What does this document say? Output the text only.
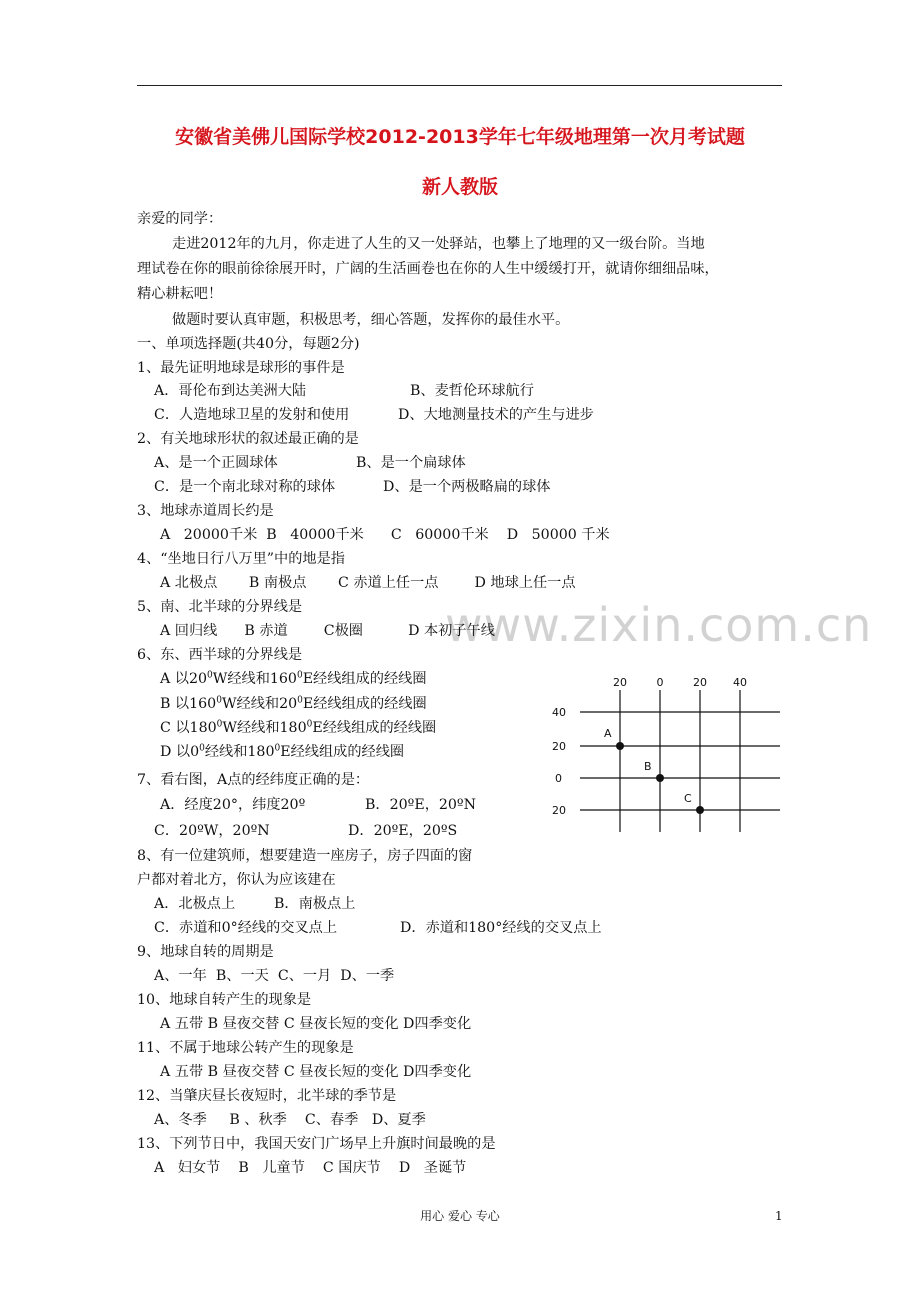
安徽省美佛儿国际学校2012-2013学年七年级地理第一次月考试题
新人教版
www.zixin.com.cn
亲爱的同学：
走进2012年的九月，你走进了人生的又一处驿站，也攀上了地理的又一级台阶。当地
理试卷在你的眼前徐徐展开时，广阔的生活画卷也在你的人生中缓缓打开，就请你细细品味，
精心耕耘吧！
做题时要认真审题，积极思考，细心答题，发挥你的最佳水平。
一、单项选择题(共40分，每题2分)
1、最先证明地球是球形的事件是
A．哥伦布到达美洲大陆	B、麦哲伦环球航行
C．人造地球卫星的发射和使用	D、大地测量技术的产生与进步
2、有关地球形状的叙述最正确的是
A、是一个正圆球体	B、是一个扁球体
C．是一个南北球对称的球体	D、是一个两极略扁的球体
3、地球赤道周长约是
A   20000千米  B   40000千米      C   60000千米    D   50000 千米
4、“坐地日行八万里”中的地是指
A 北极点       B 南极点       C 赤道上任一点        D 地球上任一点
5、南、北半球的分界线是
A 回归线      B 赤道        C极圈          D 本初子午线
6、东、西半球的分界线是
A 以$20^0W$经线和$160^0E$经线组成的经线圈
B 以$160^0W$经线和$20^0E$经线组成的经线圈
C 以$180^0W$经线和$180^0E$经线组成的经线圈
D 以$0^0$经线和$180^0E$经线组成的经线圈
7、看右图，A点的经纬度正确的是：
A．经度20°，纬度20º	B．20ºE，20ºN
C．20ºW，20ºN	D．20ºE，20ºS
8、有一位建筑师，想要建造一座房子，房子四面的窗
户都对着北方，你认为应该建在
A．北极点上	B．南极点上
C．赤道和0°经线的交叉点上	D．赤道和180°经线的交叉点上
9、地球自转的周期是
A、一年  B、一天  C、一月  D、一季
10、地球自转产生的现象是
A 五带 B 昼夜交替 C 昼夜长短的变化 D四季变化
11、不属于地球公转产生的现象是
A 五带 B 昼夜交替 C 昼夜长短的变化 D四季变化
12、当肇庆昼长夜短时，北半球的季节是
A、冬季     B 、秋季    C、春季   D、夏季
13、下列节日中，我国天安门广场早上升旗时间最晚的是
A   妇女节    B   儿童节    C 国庆节    D   圣诞节
20	0	20 40
40
20
0
20
A
B
C
用心 爱心 专心	1
